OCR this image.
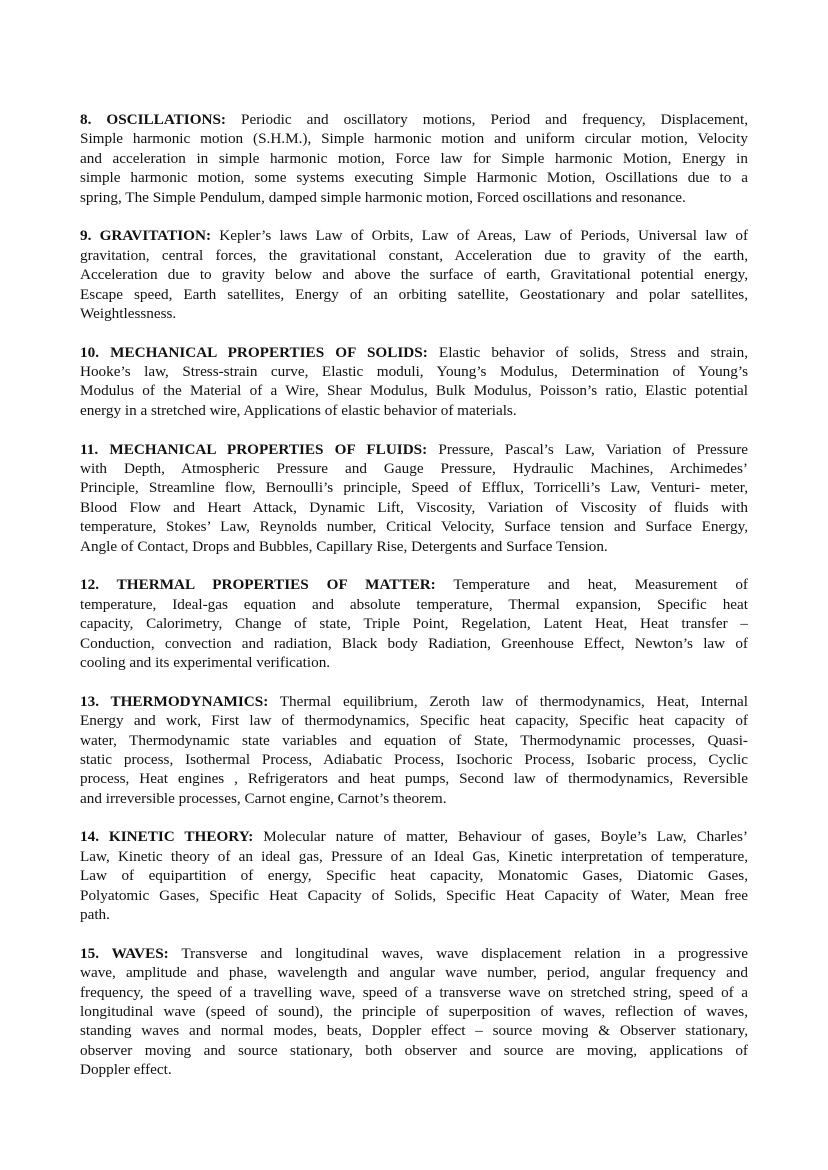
8. OSCILLATIONS: Periodic and oscillatory motions, Period and frequency, Displacement,
Simple harmonic motion (S.H.M.), Simple harmonic motion and uniform circular motion, Velocity
and acceleration in simple harmonic motion, Force law for Simple harmonic Motion, Energy in
simple harmonic motion, some systems executing Simple Harmonic Motion, Oscillations due to a
spring, The Simple Pendulum, damped simple harmonic motion, Forced oscillations and resonance.
9. GRAVITATION: Kepler’s laws Law of Orbits, Law of Areas, Law of Periods, Universal law of
gravitation, central forces, the gravitational constant, Acceleration due to gravity of the earth,
Acceleration due to gravity below and above the surface of earth, Gravitational potential energy,
Escape speed, Earth satellites, Energy of an orbiting satellite, Geostationary and polar satellites,
Weightlessness.
10. MECHANICAL PROPERTIES OF SOLIDS: Elastic behavior of solids, Stress and strain,
Hooke’s law, Stress-strain curve, Elastic moduli, Young’s Modulus, Determination of Young’s
Modulus of the Material of a Wire, Shear Modulus, Bulk Modulus, Poisson’s ratio, Elastic potential
energy in a stretched wire, Applications of elastic behavior of materials.
11. MECHANICAL PROPERTIES OF FLUIDS: Pressure, Pascal’s Law, Variation of Pressure
with Depth, Atmospheric Pressure and Gauge Pressure, Hydraulic Machines, Archimedes’
Principle, Streamline flow, Bernoulli’s principle, Speed of Efflux, Torricelli’s Law, Venturi- meter,
Blood Flow and Heart Attack, Dynamic Lift, Viscosity, Variation of Viscosity of fluids with
temperature, Stokes’ Law, Reynolds number, Critical Velocity, Surface tension and Surface Energy,
Angle of Contact, Drops and Bubbles, Capillary Rise, Detergents and Surface Tension.
12. THERMAL PROPERTIES OF MATTER: Temperature and heat, Measurement of
temperature, Ideal-gas equation and absolute temperature, Thermal expansion, Specific heat
capacity, Calorimetry, Change of state, Triple Point, Regelation, Latent Heat, Heat transfer –
Conduction, convection and radiation, Black body Radiation, Greenhouse Effect, Newton’s law of
cooling and its experimental verification.
13. THERMODYNAMICS: Thermal equilibrium, Zeroth law of thermodynamics, Heat, Internal
Energy and work, First law of thermodynamics, Specific heat capacity, Specific heat capacity of
water, Thermodynamic state variables and equation of State, Thermodynamic processes, Quasi-
static process, Isothermal Process, Adiabatic Process, Isochoric Process, Isobaric process, Cyclic
process, Heat engines , Refrigerators and heat pumps, Second law of thermodynamics, Reversible
and irreversible processes, Carnot engine, Carnot’s theorem.
14. KINETIC THEORY: Molecular nature of matter, Behaviour of gases, Boyle’s Law, Charles’
Law, Kinetic theory of an ideal gas, Pressure of an Ideal Gas, Kinetic interpretation of temperature,
Law of equipartition of energy, Specific heat capacity, Monatomic Gases, Diatomic Gases,
Polyatomic Gases, Specific Heat Capacity of Solids, Specific Heat Capacity of Water, Mean free
path.
15. WAVES: Transverse and longitudinal waves, wave displacement relation in a progressive
wave, amplitude and phase, wavelength and angular wave number, period, angular frequency and
frequency, the speed of a travelling wave, speed of a transverse wave on stretched string, speed of a
longitudinal wave (speed of sound), the principle of superposition of waves, reflection of waves,
standing waves and normal modes, beats, Doppler effect – source moving & Observer stationary,
observer moving and source stationary, both observer and source are moving, applications of
Doppler effect.
